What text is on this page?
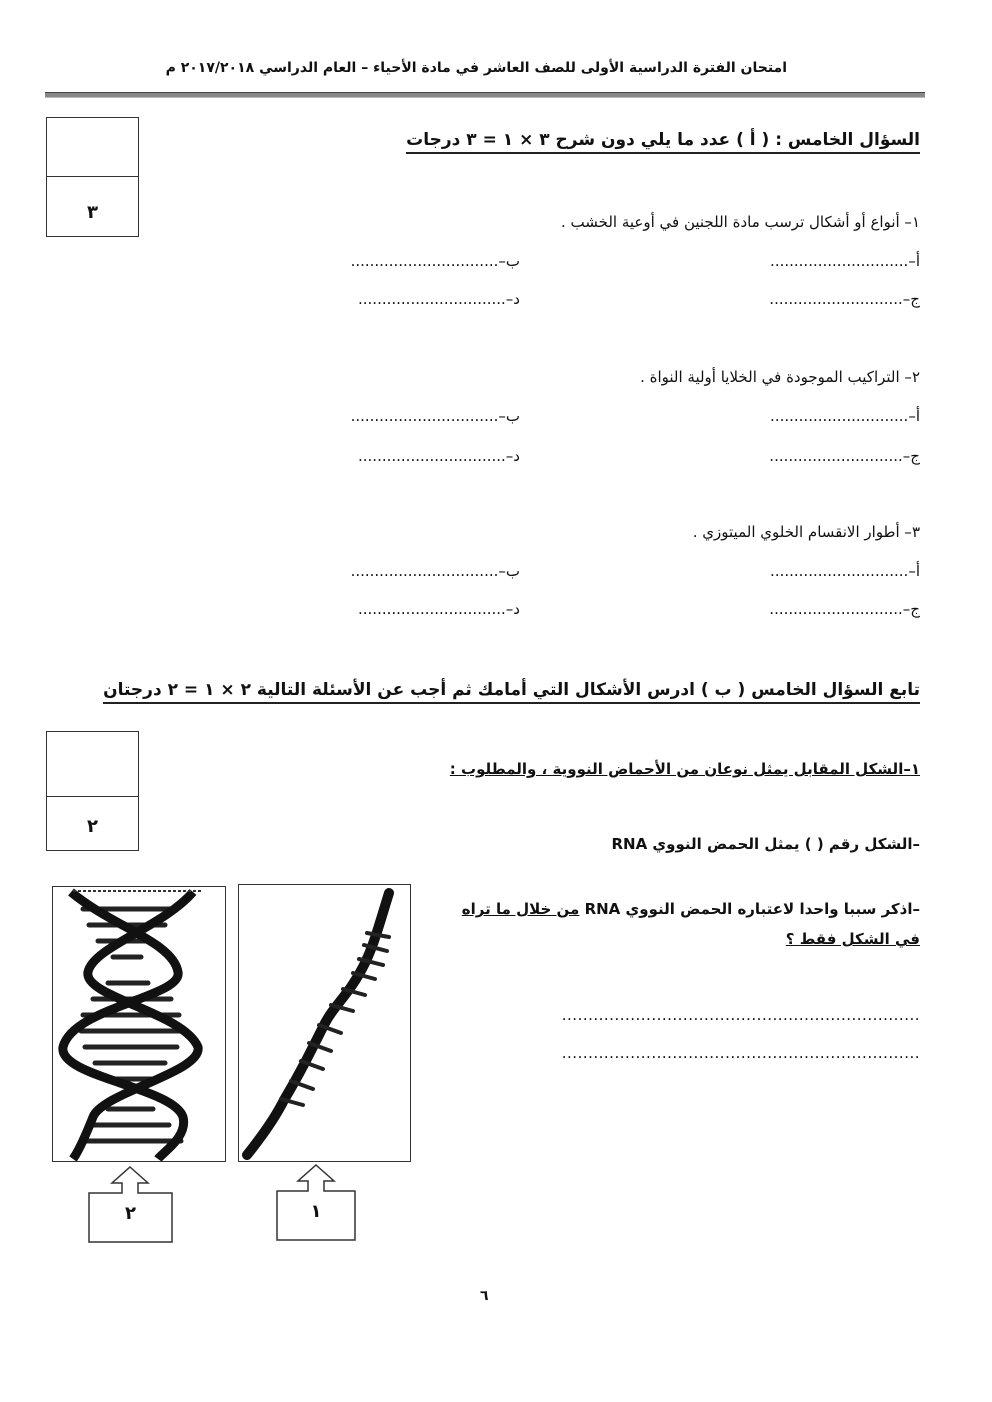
امتحان الفترة الدراسية الأولى للصف العاشر في مادة الأحياء – العام الدراسي ٢٠١٧/٢٠١٨ م
٣
السؤال الخامس : ( أ ) عدد ما يلي دون شرح ٣ × ١ = ٣ درجات
١– أنواع أو أشكال ترسب مادة اللجنين في أوعية الخشب .
أ–.............................
ب–...............................
ج–............................
د–...............................
٢– التراكيب الموجودة في الخلايا أولية النواة .
أ–.............................
ب–...............................
ج–............................
د–...............................
٣– أطوار الانقسام الخلوي الميتوزي .
أ–.............................
ب–...............................
ج–............................
د–...............................
تابع السؤال الخامس ( ب ) ادرس الأشكال التي أمامك ثم أجب عن الأسئلة التالية ٢ × ١ = ٢ درجتان
٢
١–الشكل المقابل يمثل نوعان من الأحماض النووية ، والمطلوب :
–الشكل رقم ( ) يمثل الحمض النووي RNA
–اذكر سببا واحدا لاعتباره الحمض النووي RNA من خلال ما تراه
في الشكل فقط ؟
....................................................................
....................................................................
٢	١
٦
